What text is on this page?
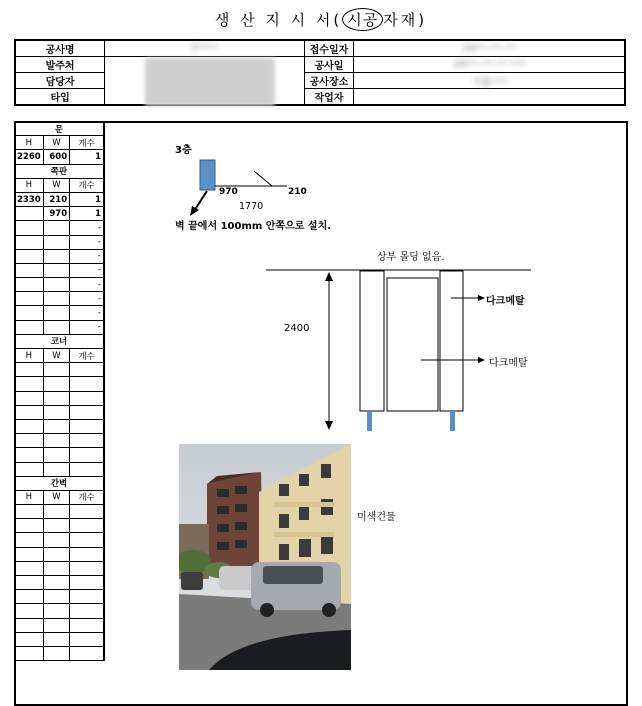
생 산 지 시 서( 시공 자재)
공사명	T****	접수일자	20**-**-**
발주처		공사일	20**-**-** ***
담당자		공사장소	서울***
타입		작업자	
문		
H	W	개수
2260	600	1
쪽판		
H	W	개수
2330	210	1
	970	1
		-
		-
		-
		-
		-
		-
		-
		-
코너		
H	W	개수

간벽		
H	W	개수

3층
970	210
1770
벽 끝에서 100mm 안쪽으로 설치.
상부 몰딩 없음.
2400
다크메탈
다크메탈
미색건물
